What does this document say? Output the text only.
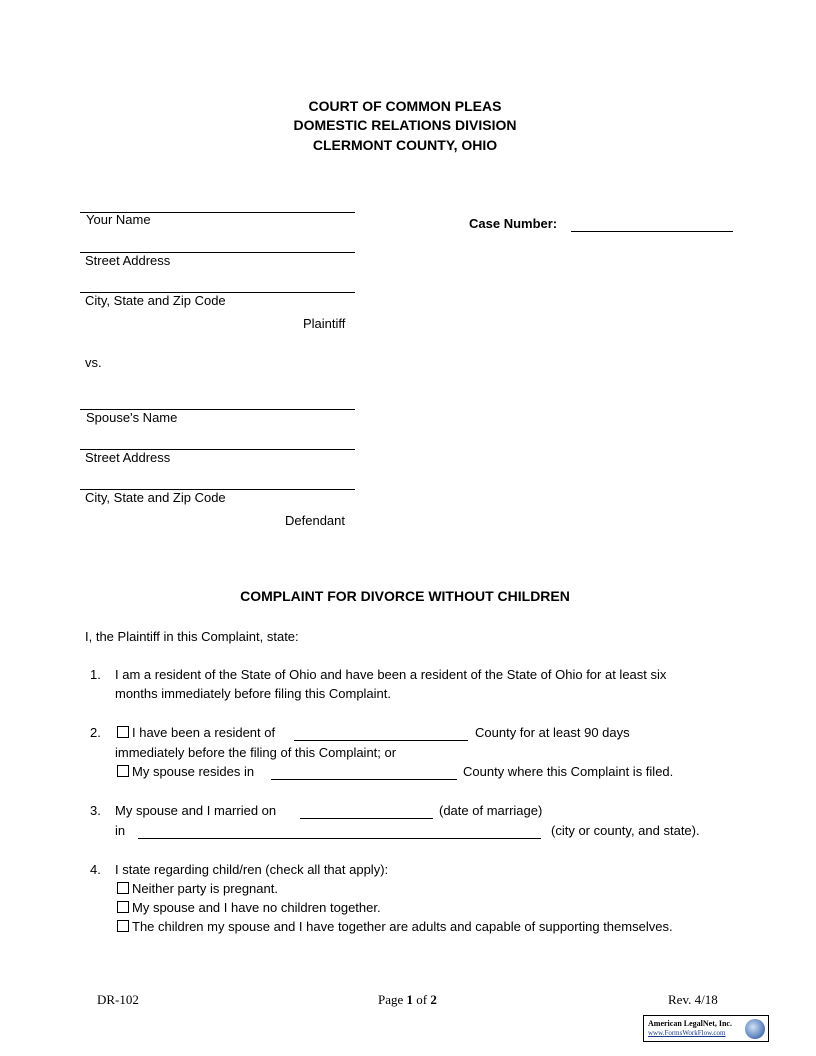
COURT OF COMMON PLEAS
DOMESTIC RELATIONS DIVISION
CLERMONT COUNTY, OHIO
Your Name
Street Address
City, State and Zip Code
Plaintiff
vs.
Spouse's Name
Street Address
City, State and Zip Code
Defendant
Case Number:
COMPLAINT FOR DIVORCE WITHOUT CHILDREN
I, the Plaintiff in this Complaint, state:
1. I am a resident of the State of Ohio and have been a resident of the State of Ohio for at least six
months immediately before filing this Complaint.
2.	I have been a resident of	County for at least 90 days
immediately before the filing of this Complaint; or
My spouse resides in	County where this Complaint is filed.
3. My spouse and I married on	(date of marriage)
in	(city or county, and state).
4. I state regarding child/ren (check all that apply):
Neither party is pregnant.
My spouse and I have no children together.
The children my spouse and I have together are adults and capable of supporting themselves.
DR-102	Page 1 of 2	Rev. 4/18
American LegalNet, Inc.
www.FormsWorkFlow.com
